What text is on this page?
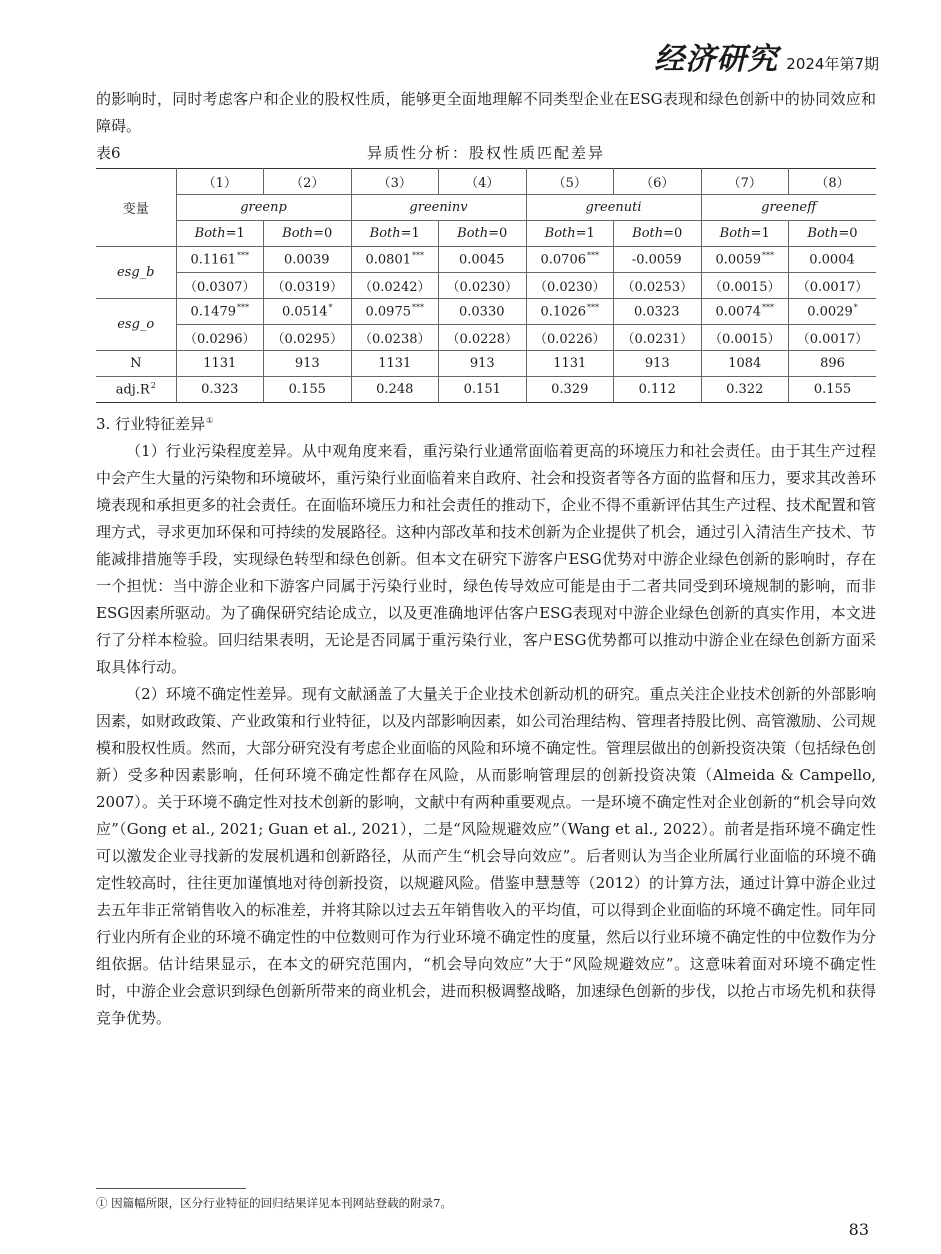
经济研究 2024年第7期

的影响时，同时考虑客户和企业的股权性质，能够更全面地理解不同类型企业在ESG表现和绿色创新中的协同效应和障碍。

表6	异质性分析：股权性质匹配差异
变量	（1）	（2）	（3）	（4）	（5）	（6）	（7）	（8）
	greenp		greeninv		greenuti		greeneff	
	Both=1	Both=0	Both=1	Both=0	Both=1	Both=0	Both=1	Both=0
esg_b	0.1161***	0.0039	0.0801***	0.0045	0.0706***	-0.0059	0.0059***	0.0004
	（0.0307）	（0.0319）	（0.0242）	（0.0230）	（0.0230）	（0.0253）	（0.0015）	（0.0017）
esg_o	0.1479***	0.0514*	0.0975***	0.0330	0.1026***	0.0323	0.0074***	0.0029*
	（0.0296）	（0.0295）	（0.0238）	（0.0228）	（0.0226）	（0.0231）	（0.0015）	（0.0017）
N	1131	913	1131	913	1131	913	1084	896
$adj.R^2$	0.323	0.155	0.248	0.151	0.329	0.112	0.322	0.155

3. 行业特征差异①

（1）行业污染程度差异。从中观角度来看，重污染行业通常面临着更高的环境压力和社会责任。由于其生产过程中会产生大量的污染物和环境破坏，重污染行业面临着来自政府、社会和投资者等各方面的监督和压力，要求其改善环境表现和承担更多的社会责任。在面临环境压力和社会责任的推动下，企业不得不重新评估其生产过程、技术配置和管理方式，寻求更加环保和可持续的发展路径。这种内部改革和技术创新为企业提供了机会，通过引入清洁生产技术、节能减排措施等手段，实现绿色转型和绿色创新。但本文在研究下游客户ESG优势对中游企业绿色创新的影响时，存在一个担忧：当中游企业和下游客户同属于污染行业时，绿色传导效应可能是由于二者共同受到环境规制的影响，而非ESG因素所驱动。为了确保研究结论成立，以及更准确地评估客户ESG表现对中游企业绿色创新的真实作用，本文进行了分样本检验。回归结果表明，无论是否同属于重污染行业，客户ESG优势都可以推动中游企业在绿色创新方面采取具体行动。

（2）环境不确定性差异。现有文献涵盖了大量关于企业技术创新动机的研究。重点关注企业技术创新的外部影响因素，如财政政策、产业政策和行业特征，以及内部影响因素，如公司治理结构、管理者持股比例、高管激励、公司规模和股权性质。然而，大部分研究没有考虑企业面临的风险和环境不确定性。管理层做出的创新投资决策（包括绿色创新）受多种因素影响，任何环境不确定性都存在风险，从而影响管理层的创新投资决策（Almeida & Campello, 2007）。关于环境不确定性对技术创新的影响，文献中有两种重要观点。一是环境不确定性对企业创新的“机会导向效应”（Gong et al., 2021; Guan et al., 2021），二是“风险规避效应”（Wang et al., 2022）。前者是指环境不确定性可以激发企业寻找新的发展机遇和创新路径，从而产生“机会导向效应”。后者则认为当企业所属行业面临的环境不确定性较高时，往往更加谨慎地对待创新投资，以规避风险。借鉴申慧慧等（2012）的计算方法，通过计算中游企业过去五年非正常销售收入的标准差，并将其除以过去五年销售收入的平均值，可以得到企业面临的环境不确定性。同年同行业内所有企业的环境不确定性的中位数则可作为行业环境不确定性的度量，然后以行业环境不确定性的中位数作为分组依据。估计结果显示，在本文的研究范围内，“机会导向效应”大于“风险规避效应”。这意味着面对环境不确定性时，中游企业会意识到绿色创新所带来的商业机会，进而积极调整战略，加速绿色创新的步伐，以抢占市场先机和获得竞争优势。

① 因篇幅所限，区分行业特征的回归结果详见本刊网站登载的附录7。
83
